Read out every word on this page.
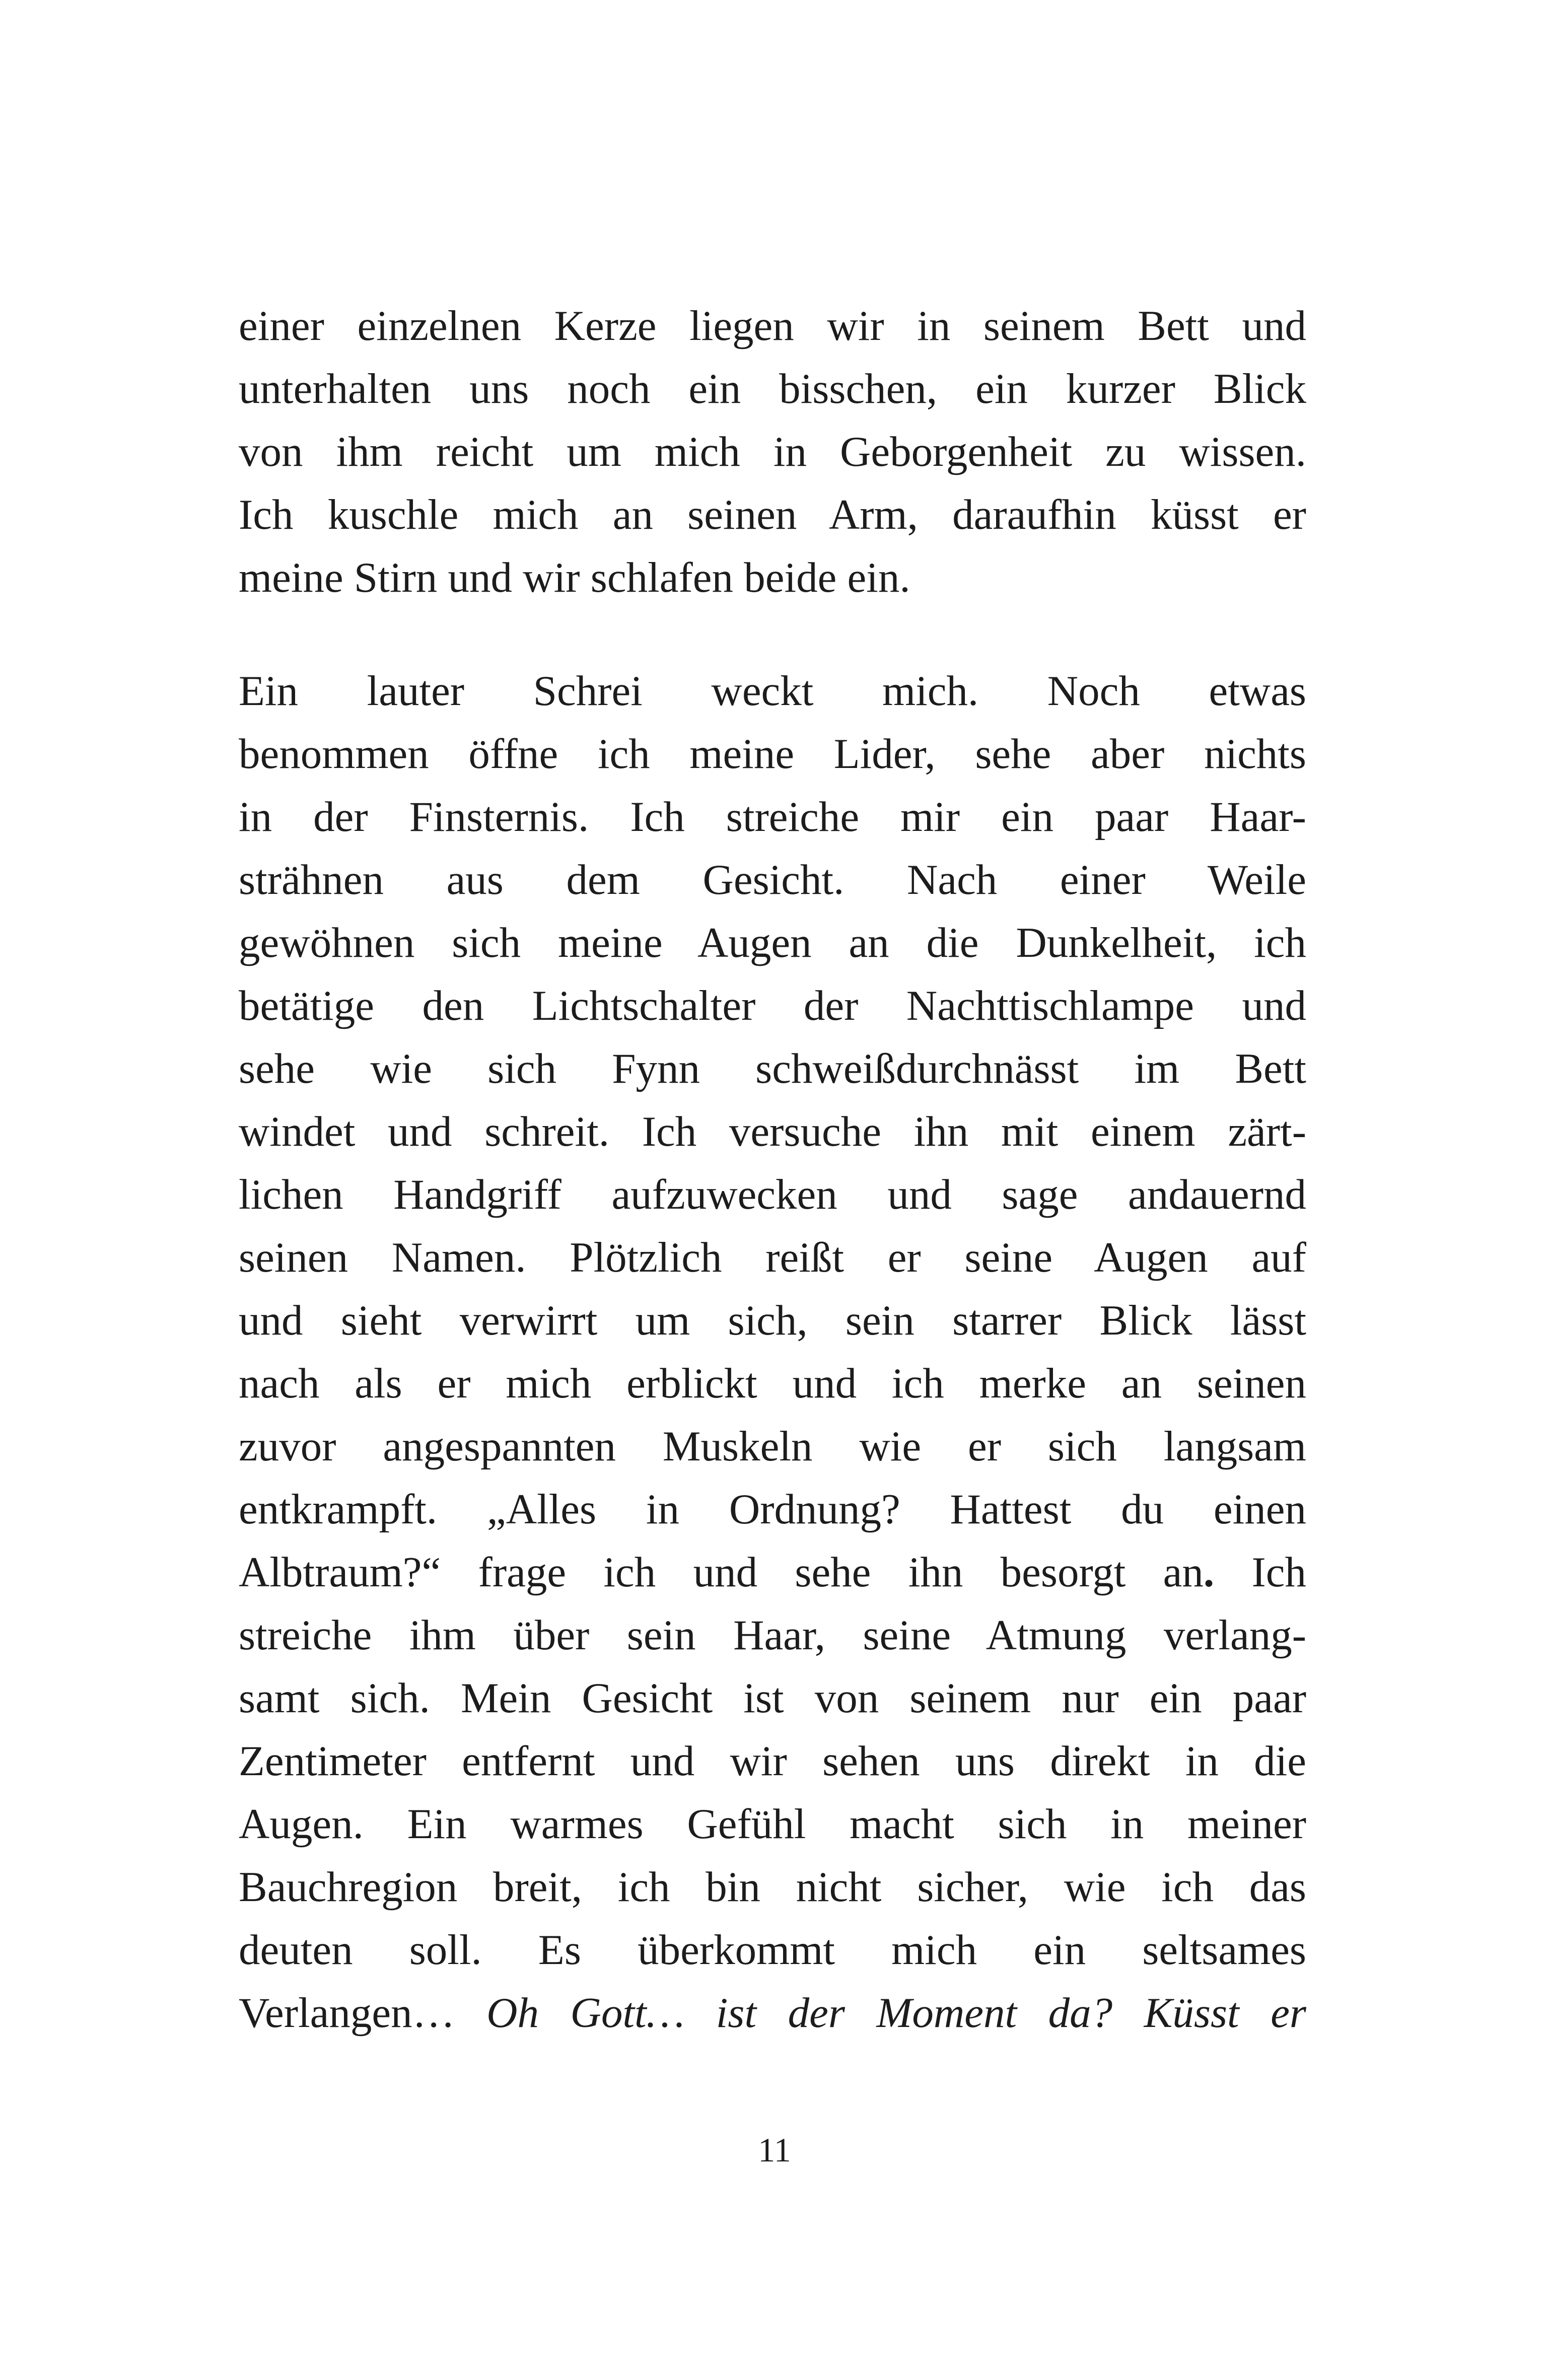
einer einzelnen Kerze liegen wir in seinem Bett und
unterhalten uns noch ein bisschen, ein kurzer Blick
von ihm reicht um mich in Geborgenheit zu wissen.
Ich kuschle mich an seinen Arm, daraufhin küsst er
meine Stirn und wir schlafen beide ein.
Ein lauter Schrei weckt mich. Noch etwas
benommen öffne ich meine Lider, sehe aber nichts
in der Finsternis. Ich streiche mir ein paar Haar-
strähnen aus dem Gesicht. Nach einer Weile
gewöhnen sich meine Augen an die Dunkelheit, ich
betätige den Lichtschalter der Nachttischlampe und
sehe wie sich Fynn schweißdurchnässt im Bett
windet und schreit. Ich versuche ihn mit einem zärt-
lichen Handgriff aufzuwecken und sage andauernd
seinen Namen. Plötzlich reißt er seine Augen auf
und sieht verwirrt um sich, sein starrer Blick lässt
nach als er mich erblickt und ich merke an seinen
zuvor angespannten Muskeln wie er sich langsam
entkrampft. „Alles in Ordnung? Hattest du einen
Albtraum?“ frage ich und sehe ihn besorgt an. Ich
streiche ihm über sein Haar, seine Atmung verlang-
samt sich. Mein Gesicht ist von seinem nur ein paar
Zentimeter entfernt und wir sehen uns direkt in die
Augen. Ein warmes Gefühl macht sich in meiner
Bauchregion breit, ich bin nicht sicher, wie ich das
deuten soll. Es überkommt mich ein seltsames
Verlangen… Oh Gott… ist der Moment da? Küsst er
11
